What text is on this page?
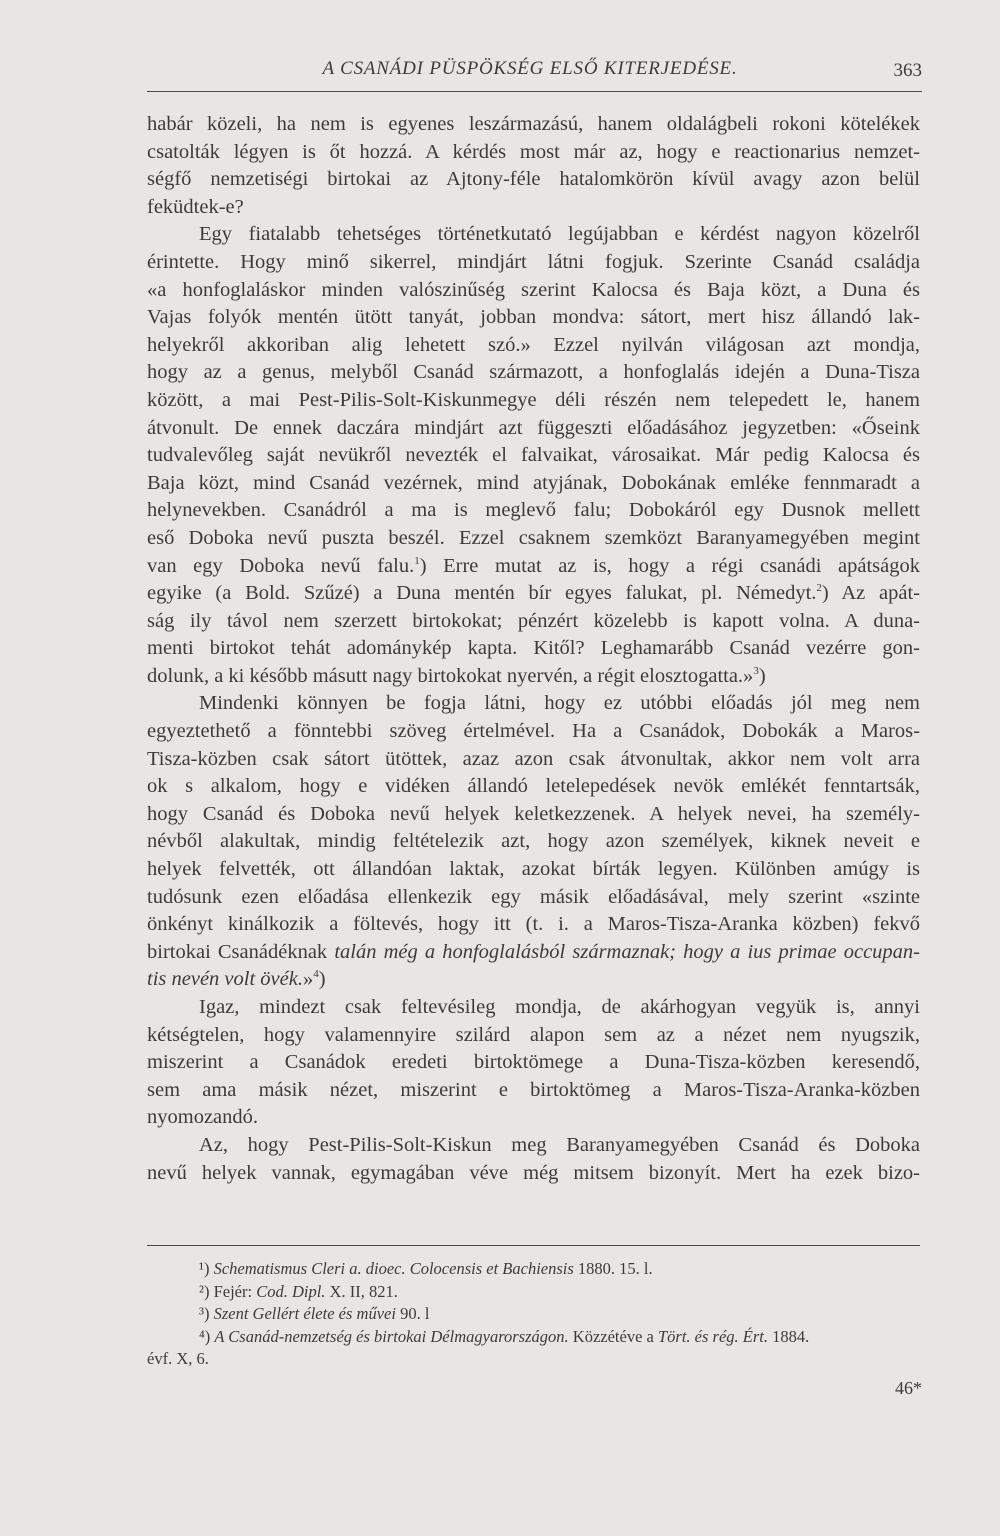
A CSANÁDI PÜSPÖKSÉG ELSŐ KITERJEDÉSE.	363

habár közeli, ha nem is egyenes leszármazású, hanem oldalágbeli rokoni kötelékek

csatolták légyen is őt hozzá. A kérdés most már az, hogy e reactionarius nemzet-

ségfő nemzetiségi birtokai az Ajtony-féle hatalomkörön kívül avagy azon belül

feküdtek-e?

Egy fiatalabb tehetséges történetkutató legújabban e kérdést nagyon közelről

érintette. Hogy minő sikerrel, mindjárt látni fogjuk. Szerinte Csanád családja

«a honfoglaláskor minden valószinűség szerint Kalocsa és Baja közt, a Duna és

Vajas folyók mentén ütött tanyát, jobban mondva: sátort, mert hisz állandó lak-

helyekről akkoriban alig lehetett szó.» Ezzel nyilván világosan azt mondja,

hogy az a genus, melyből Csanád származott, a honfoglalás idején a Duna-Tisza

között, a mai Pest-Pilis-Solt-Kiskunmegye déli részén nem telepedett le, hanem

átvonult. De ennek daczára mindjárt azt függeszti előadásához jegyzetben: «Őseink

tudvalevőleg saját nevükről nevezték el falvaikat, városaikat. Már pedig Kalocsa és

Baja közt, mind Csanád vezérnek, mind atyjának, Dobokának emléke fennmaradt a

helynevekben. Csanádról a ma is meglevő falu; Dobokáról egy Dusnok mellett

eső Doboka nevű puszta beszél. Ezzel csaknem szemközt Baranyamegyében megint

van egy Doboka nevű falu.$^1$) Erre mutat az is, hogy a régi csanádi apátságok

egyike (a Bold. Szűzé) a Duna mentén bír egyes falukat, pl. Némedyt.$^2$) Az apát-

ság ily távol nem szerzett birtokokat; pénzért közelebb is kapott volna. A duna-

menti birtokot tehát adománykép kapta. Kitől? Leghamarább Csanád vezérre gon-

dolunk, a ki később másutt nagy birtokokat nyervén, a régit elosztogatta.»$^3$)

Mindenki könnyen be fogja látni, hogy ez utóbbi előadás jól meg nem

egyeztethető a fönntebbi szöveg értelmével. Ha a Csanádok, Dobokák a Maros-

Tisza-közben csak sátort ütöttek, azaz azon csak átvonultak, akkor nem volt arra

ok s alkalom, hogy e vidéken állandó letelepedések nevök emlékét fenntartsák,

hogy Csanád és Doboka nevű helyek keletkezzenek. A helyek nevei, ha személy-

névből alakultak, mindig feltételezik azt, hogy azon személyek, kiknek neveit e

helyek felvették, ott állandóan laktak, azokat bírták legyen. Különben amúgy is

tudósunk ezen előadása ellenkezik egy másik előadásával, mely szerint «szinte

önkényt kinálkozik a föltevés, hogy itt (t. i. a Maros-Tisza-Aranka közben) fekvő

birtokai Csanádéknak talán még a honfoglalásból származnak; hogy a ius primae occupan-

tis nevén volt övék.»$^4$)

Igaz, mindezt csak feltevésileg mondja, de akárhogyan vegyük is, annyi

kétségtelen, hogy valamennyire szilárd alapon sem az a nézet nem nyugszik,

miszerint a Csanádok eredeti birtoktömege a Duna-Tisza-közben keresendő,

sem ama másik nézet, miszerint e birtoktömeg a Maros-Tisza-Aranka-közben

nyomozandó.

Az, hogy Pest-Pilis-Solt-Kiskun meg Baranyamegyében Csanád és Doboka

nevű helyek vannak, egymagában véve még mitsem bizonyít. Mert ha ezek bizo-

¹) Schematismus Cleri a. dioec. Colocensis et Bachiensis 1880. 15. l.

²) Fejér: Cod. Dipl. X. II, 821.

³) Szent Gellért élete és művei 90. l

⁴) A Csanád-nemzetség és birtokai Délmagyarországon. Közzétéve a Tört. és rég. Ért. 1884.

évf. X, 6.

46*
